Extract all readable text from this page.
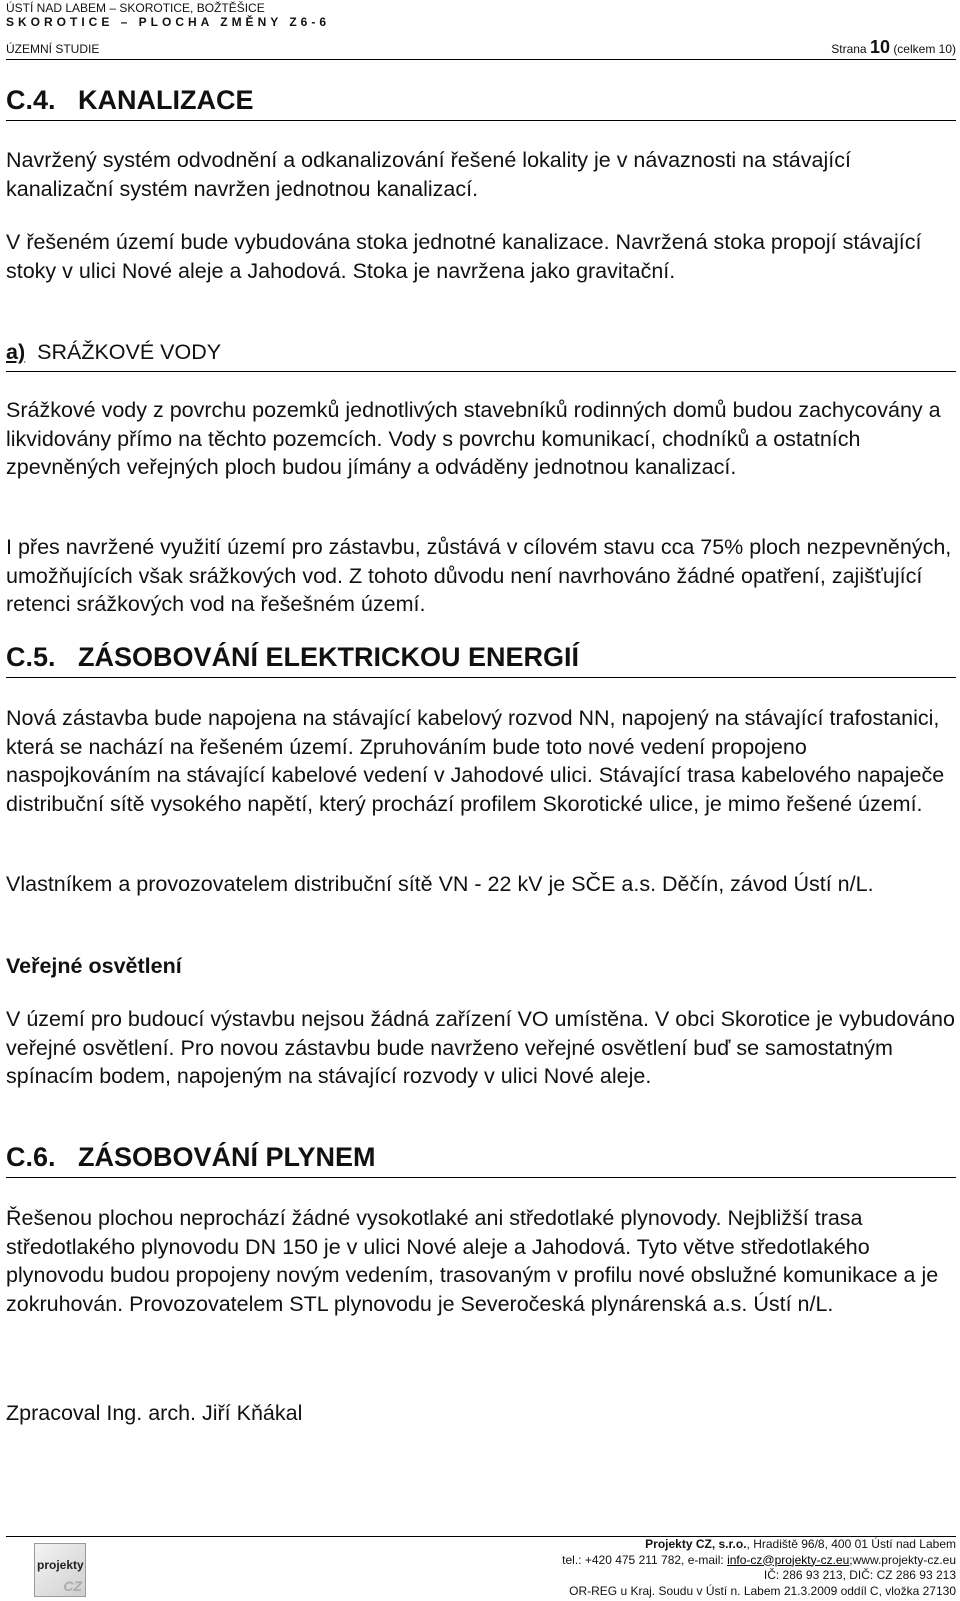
ÚSTÍ NAD LABEM – SKOROTICE, BOŽTĚŠICE
SKOROTICE – PLOCHA ZMĚNY Z6-6
ÚZEMNÍ STUDIE	Strana 10 (celkem 10)
C.4. KANALIZACE

Navržený systém odvodnění a odkanalizování řešené lokality je v návaznosti na stávající kanalizační systém navržen jednotnou kanalizací.

V řešeném území bude vybudována stoka jednotné kanalizace. Navržená stoka propojí stávající stoky v ulici Nové aleje a Jahodová. Stoka je navržena jako gravitační.

a) SRÁŽKOVÉ VODY

Srážkové vody z povrchu pozemků jednotlivých stavebníků rodinných domů budou zachycovány a likvidovány přímo na těchto pozemcích. Vody s povrchu komunikací, chodníků a ostatních zpevněných veřejných ploch budou jímány a odváděny jednotnou kanalizací.

I přes navržené využití území pro zástavbu, zůstává v cílovém stavu cca 75% ploch nezpevněných, umožňujících však srážkových vod. Z tohoto důvodu není navrhováno žádné opatření, zajišťující retenci srážkových vod na řešešném území.

C.5. ZÁSOBOVÁNÍ ELEKTRICKOU ENERGIÍ

Nová zástavba bude napojena na stávající kabelový rozvod NN, napojený na stávající trafostanici, která se nachází na řešeném území. Zpruhováním bude toto nové vedení propojeno naspojkováním na stávající kabelové vedení v Jahodové ulici. Stávající trasa kabelového napaječe distribuční sítě vysokého napětí, který prochází profilem Skorotické ulice, je mimo řešené území.

Vlastníkem a provozovatelem distribuční sítě VN - 22 kV je SČE a.s. Děčín, závod Ústí n/L.

Veřejné osvětlení

V území pro budoucí výstavbu nejsou žádná zařízení VO umístěna. V obci Skorotice je vybudováno veřejné osvětlení. Pro novou zástavbu bude navrženo veřejné osvětlení buď se samostatným spínacím bodem, napojeným na stávající rozvody v ulici Nové aleje.

C.6. ZÁSOBOVÁNÍ PLYNEM

Řešenou plochou neprochází žádné vysokotlaké ani středotlaké plynovody. Nejbližší trasa středotlakého plynovodu DN 150 je v ulici Nové aleje a Jahodová. Tyto větve středotlakého plynovodu budou propojeny novým vedením, trasovaným v profilu nové obslužné komunikace a je zokruhován. Provozovatelem STL plynovodu je Severočeská plynárenská a.s. Ústí n/L.

Zpracoval Ing. arch. Jiří Kňákal

projekty
CZ
Projekty CZ, s.r.o., Hradiště 96/8, 400 01 Ústí nad Labem
tel.: +420 475 211 782, e-mail: info-cz@projekty-cz.eu;www.projekty-cz.eu
IČ: 286 93 213, DIČ: CZ 286 93 213
OR-REG u Kraj. Soudu v Ústí n. Labem 21.3.2009 oddíl C, vložka 27130
